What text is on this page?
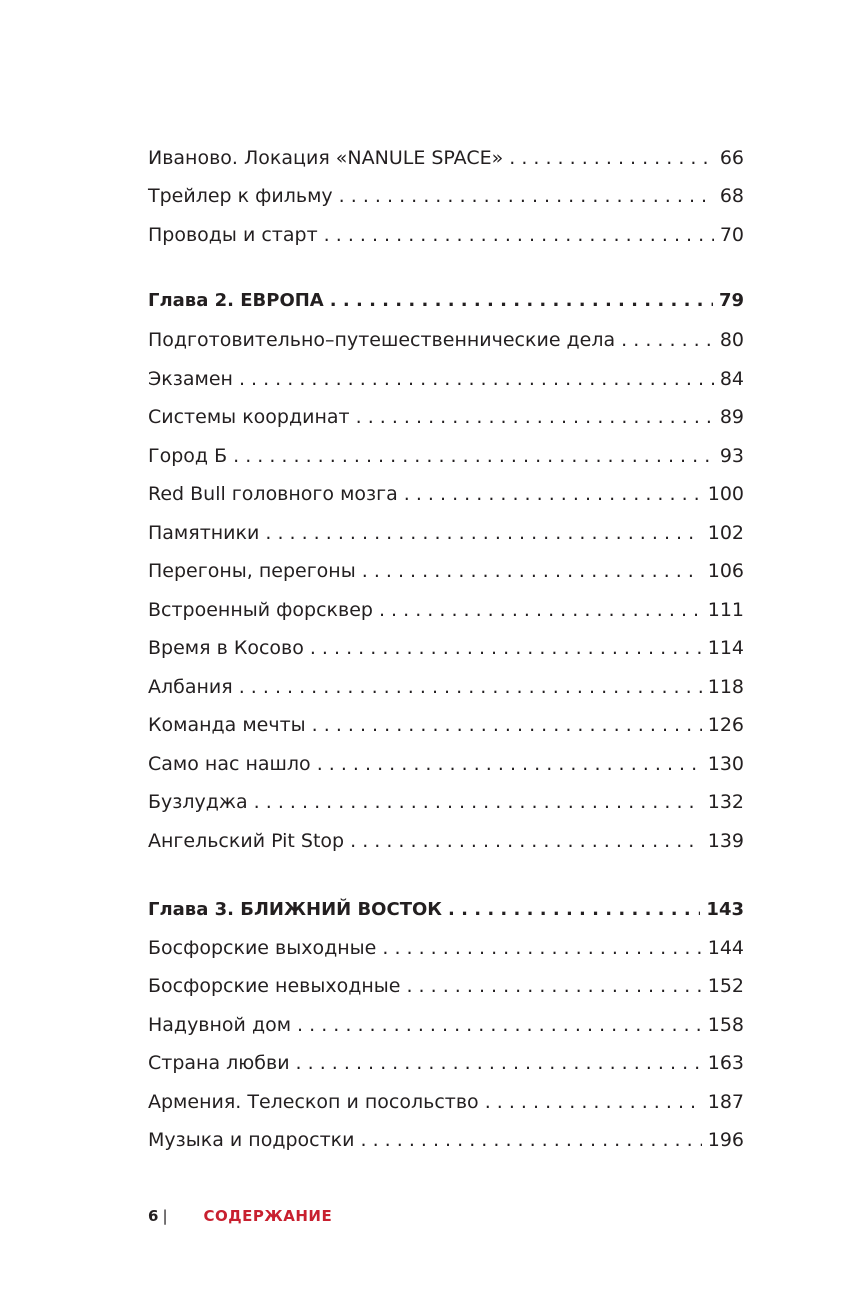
Иваново. Локация «NANULE SPACE» . . .	66
Трейлер к фильму . . .	68
Проводы и старт . . .	70
Глава 2. ЕВРОПА . . .	79
Подготовительно–путешественнические дела . . .	80
Экзамен . . .	84
Системы координат . . .	89
Город Б . . .	93
Red Bull головного мозга . . .	100
Памятники . . .	102
Перегоны, перегоны . . .	106
Встроенный форсквер . . .	111
Время в Косово . . .	114
Албания . . .	118
Команда мечты . . .	126
Само нас нашло . . .	130
Бузлуджа . . .	132
Ангельский Pit Stop . . .	139
Глава 3. БЛИЖНИЙ ВОСТОК . . .	143
Босфорские выходные . . .	144
Босфорские невыходные . . .	152
Надувной дом . . .	158
Страна любви . . .	163
Армения. Телескоп и посольство . . .	187
Музыка и подростки . . .	196
6 | СОДЕРЖАНИЕ
